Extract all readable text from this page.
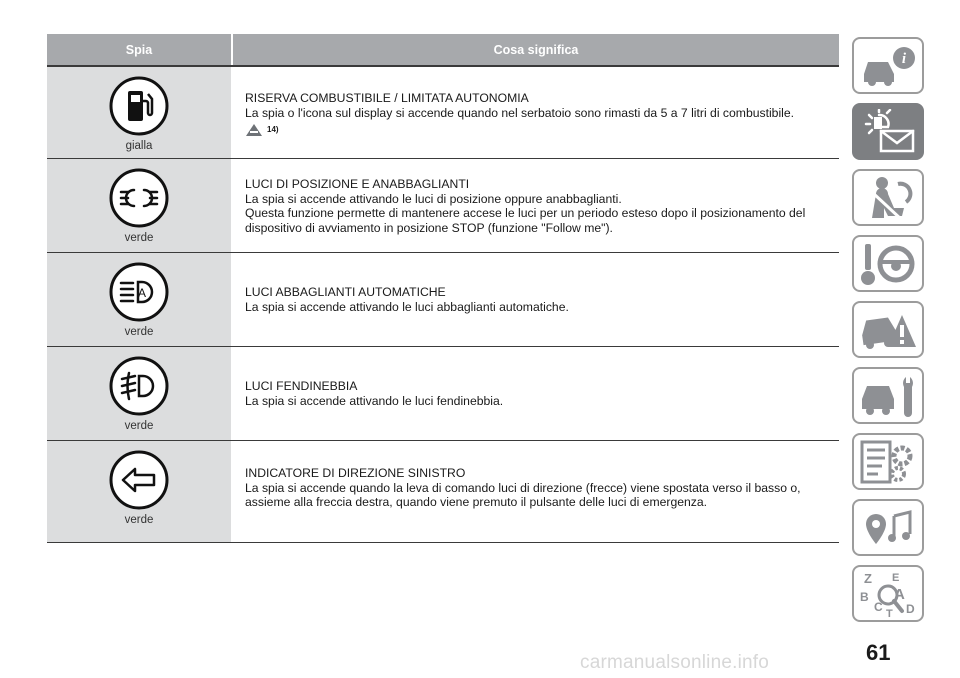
Spia	Cosa significa
gialla
RISERVA COMBUSTIBILE / LIMITATA AUTONOMIA
La spia o l'icona sul display si accende quando nel serbatoio sono rimasti da 5 a 7 litri di combustibile.
14)
verde
LUCI DI POSIZIONE E ANABBAGLIANTI
La spia si accende attivando le luci di posizione oppure anabbaglianti.
Questa funzione permette di mantenere accese le luci per un periodo esteso dopo il posizionamento del dispositivo di avviamento in posizione STOP (funzione "Follow me").
A
verde
LUCI ABBAGLIANTI AUTOMATICHE
La spia si accende attivando le luci abbaglianti automatiche.
verde
LUCI FENDINEBBIA
La spia si accende attivando le luci fendinebbia.
verde
INDICATORE DI DIREZIONE SINISTRO
La spia si accende quando la leva di comando luci di direzione (frecce) viene spostata verso il basso o, assieme alla freccia destra, quando viene premuto il pulsante delle luci di emergenza.
i
Z E
B A
C T D
61
carmanualsonline.info
